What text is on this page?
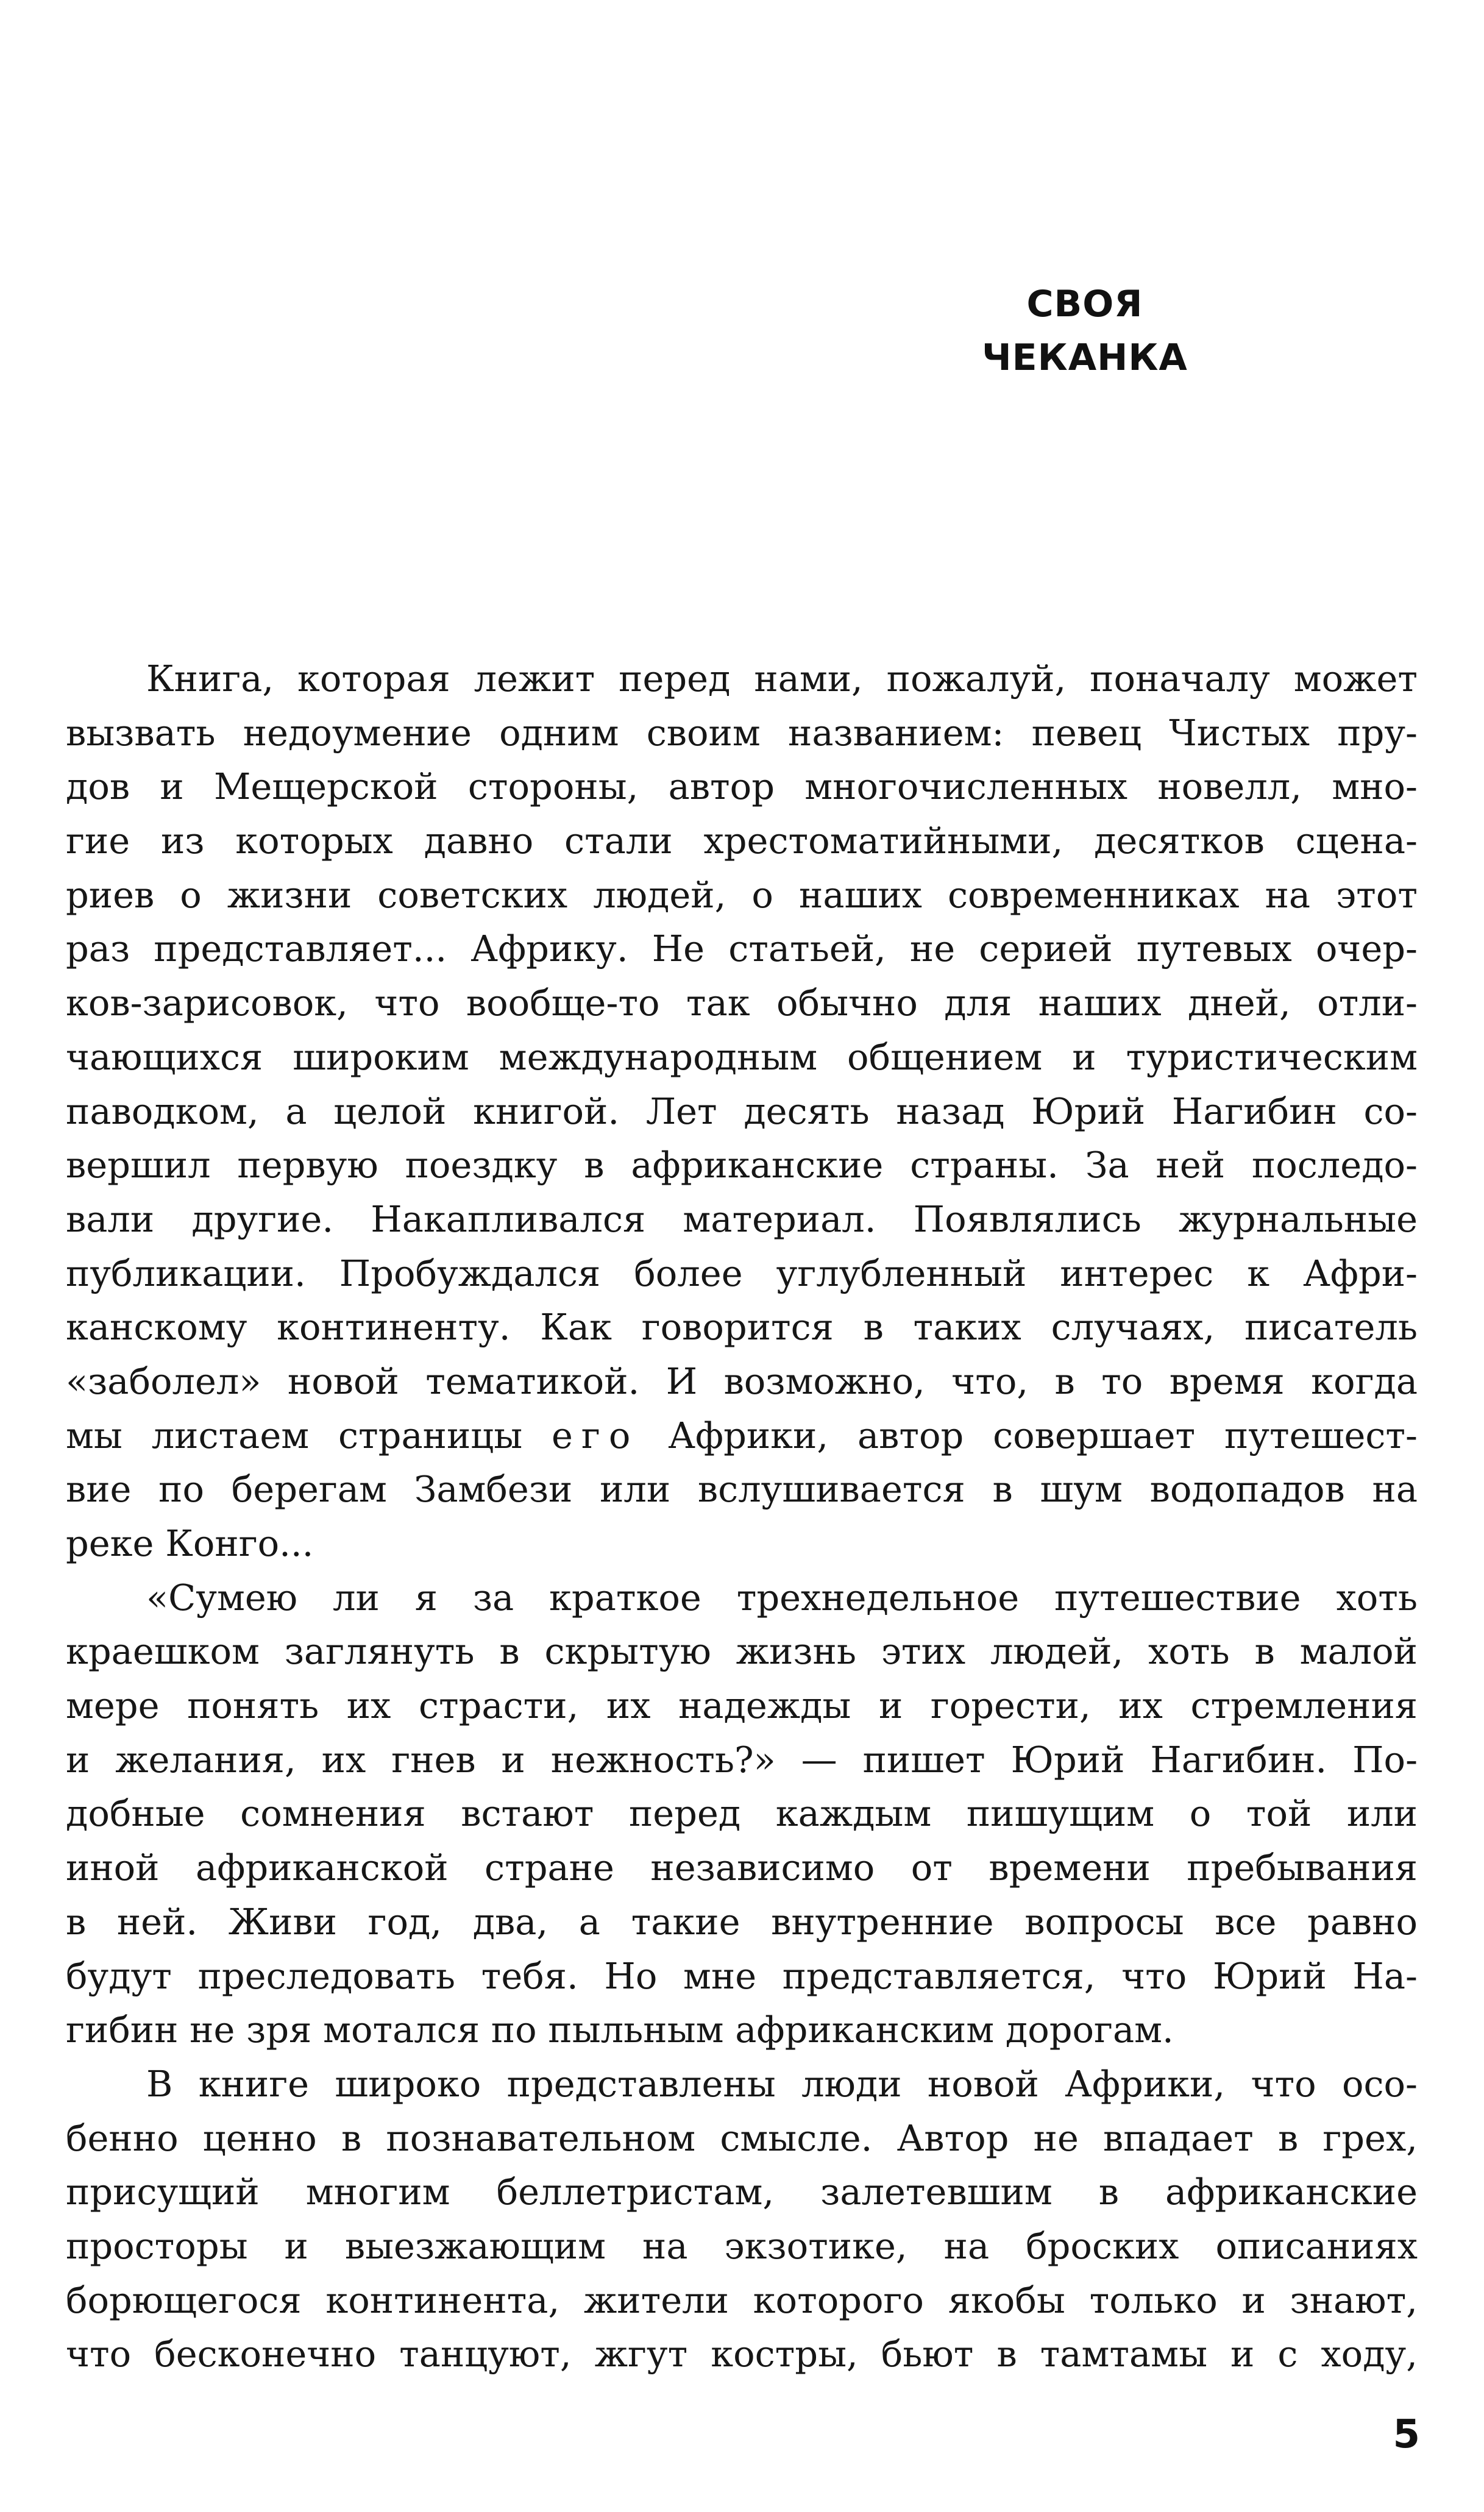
СВОЯ
ЧЕКАНКА
Книга, которая лежит перед нами, пожалуй, поначалу может
вызвать недоумение одним своим названием: певец Чистых пру-
дов и Мещерской стороны, автор многочисленных новелл, мно-
гие из которых давно стали хрестоматийными, десятков сцена-
риев о жизни советских людей, о наших современниках на этот
раз представляет... Африку. Не статьей, не серией путевых очер-
ков-зарисовок, что вообще-то так обычно для наших дней, отли-
чающихся широким международным общением и туристическим
паводком, а целой книгой. Лет десять назад Юрий Нагибин со-
вершил первую поездку в африканские страны. За ней последо-
вали другие. Накапливался материал. Появлялись журнальные
публикации. Пробуждался более углубленный интерес к Афри-
канскому континенту. Как говорится в таких случаях, писатель
«заболел» новой тематикой. И возможно, что, в то время когда
мы листаем страницы его Африки, автор совершает путешест-
вие по берегам Замбези или вслушивается в шум водопадов на
реке Конго...
«Сумею ли я за краткое трехнедельное путешествие хоть
краешком заглянуть в скрытую жизнь этих людей, хоть в малой
мере понять их страсти, их надежды и горести, их стремления
и желания, их гнев и нежность?» — пишет Юрий Нагибин. По-
добные сомнения встают перед каждым пишущим о той или
иной африканской стране независимо от времени пребывания
в ней. Живи год, два, а такие внутренние вопросы все равно
будут преследовать тебя. Но мне представляется, что Юрий На-
гибин не зря мотался по пыльным африканским дорогам.
В книге широко представлены люди новой Африки, что осо-
бенно ценно в познавательном смысле. Автор не впадает в грех,
присущий многим беллетристам, залетевшим в африканские
просторы и выезжающим на экзотике, на броских описаниях
борющегося континента, жители которого якобы только и знают,
что бесконечно танцуют, жгут костры, бьют в тамтамы и с ходу,
5
